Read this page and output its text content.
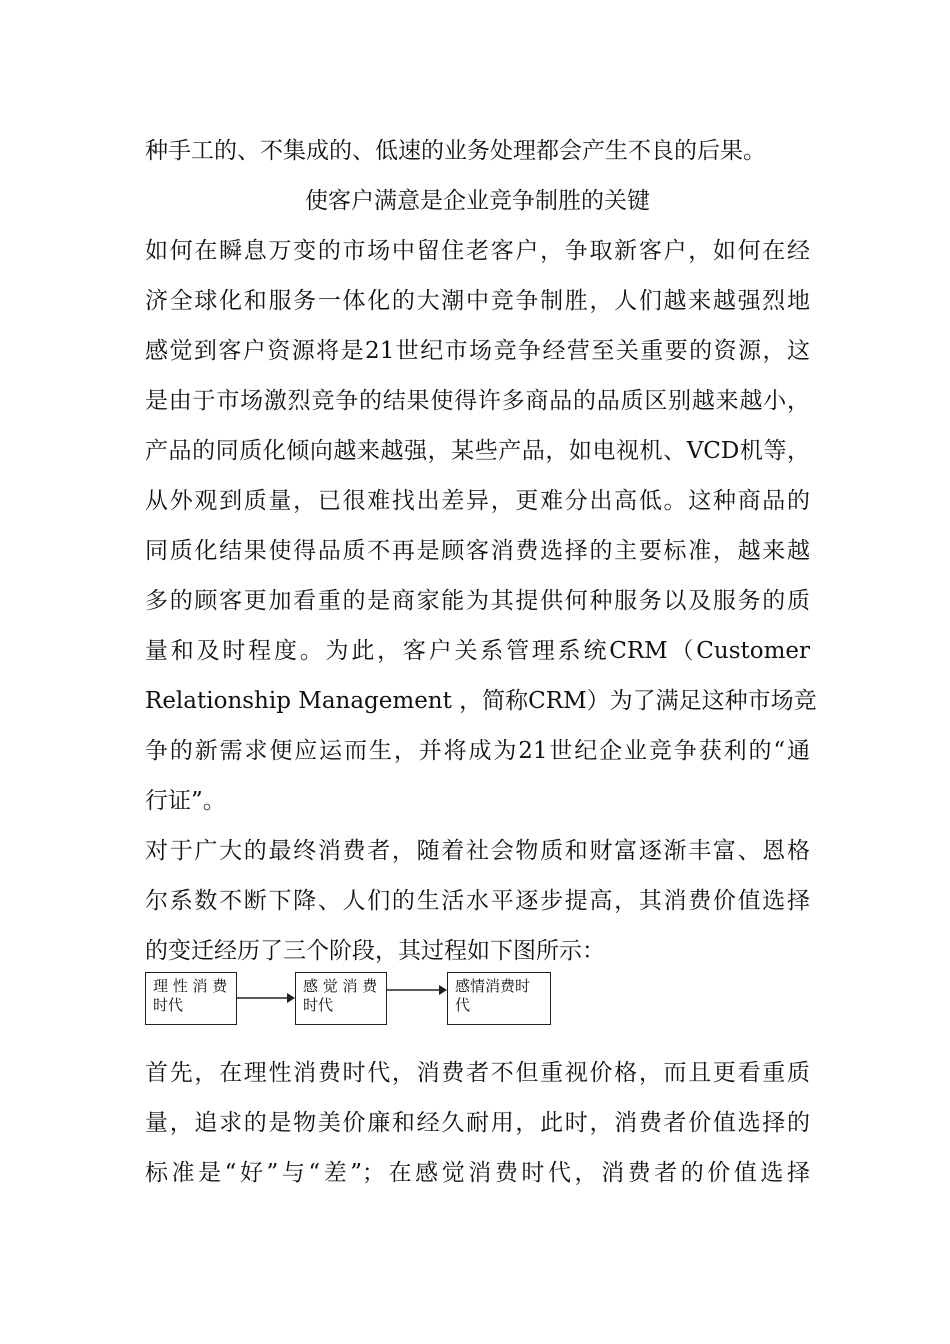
种手工的、不集成的、低速的业务处理都会产生不良的后果。
使客户满意是企业竞争制胜的关键
如何在瞬息万变的市场中留住老客户，争取新客户，如何在经
济全球化和服务一体化的大潮中竞争制胜，人们越来越强烈地
感觉到客户资源将是21世纪市场竞争经营至关重要的资源，这
是由于市场激烈竞争的结果使得许多商品的品质区别越来越小，
产品的同质化倾向越来越强，某些产品，如电视机、VCD机等，
从外观到质量，已很难找出差异，更难分出高低。这种商品的
同质化结果使得品质不再是顾客消费选择的主要标准，越来越
多的顾客更加看重的是商家能为其提供何种服务以及服务的质
量和及时程度。为此，客户关系管理系统CRM（Customer
Relationship Management ，简称CRM）为了满足这种市场竞
争的新需求便应运而生，并将成为21世纪企业竞争获利的“通
行证”。
对于广大的最终消费者，随着社会物质和财富逐渐丰富、恩格
尔系数不断下降、人们的生活水平逐步提高，其消费价值选择
的变迁经历了三个阶段，其过程如下图所示：
理 性 消 费
时代
感 觉 消 费
时代
感情消费时
代
首先，在理性消费时代，消费者不但重视价格，而且更看重质
量，追求的是物美价廉和经久耐用，此时，消费者价值选择的
标准是“好”与“差”；在感觉消费时代，消费者的价值选择
